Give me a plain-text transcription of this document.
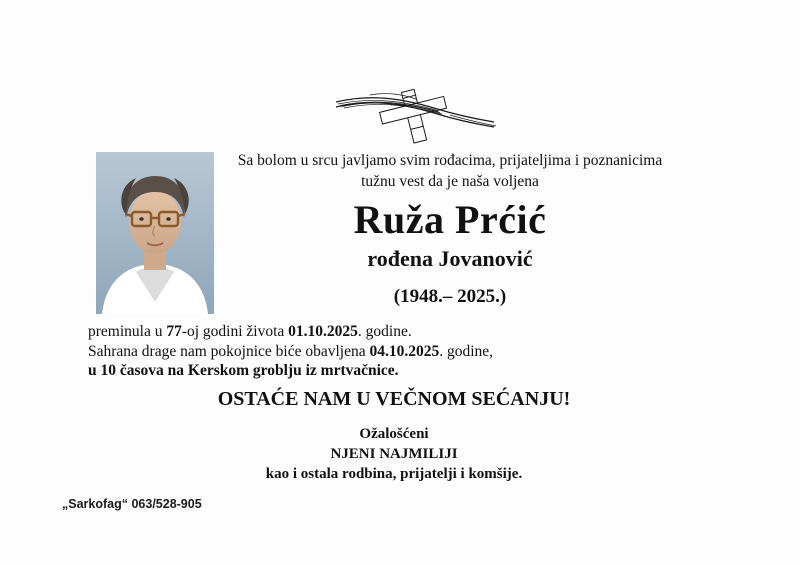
Sa bolom u srcu javljamo svim rođacima, prijateljima i poznanicima
tužnu vest da je naša voljena
Ruža Prćić
rođena Jovanović
(1948.– 2025.)
preminula u 77-oj godini života 01.10.2025. godine.
Sahrana drage nam pokojnice biće obavljena 04.10.2025. godine,
u 10 časova na Kerskom groblju iz mrtvačnice.
OSTAĆE NAM U VEČNOM SEĆANJU!
Ožalošćeni
NJENI NAJMILIJI
kao i ostala rodbina, prijatelji i komšije.
„Sarkofag“ 063/528-905
